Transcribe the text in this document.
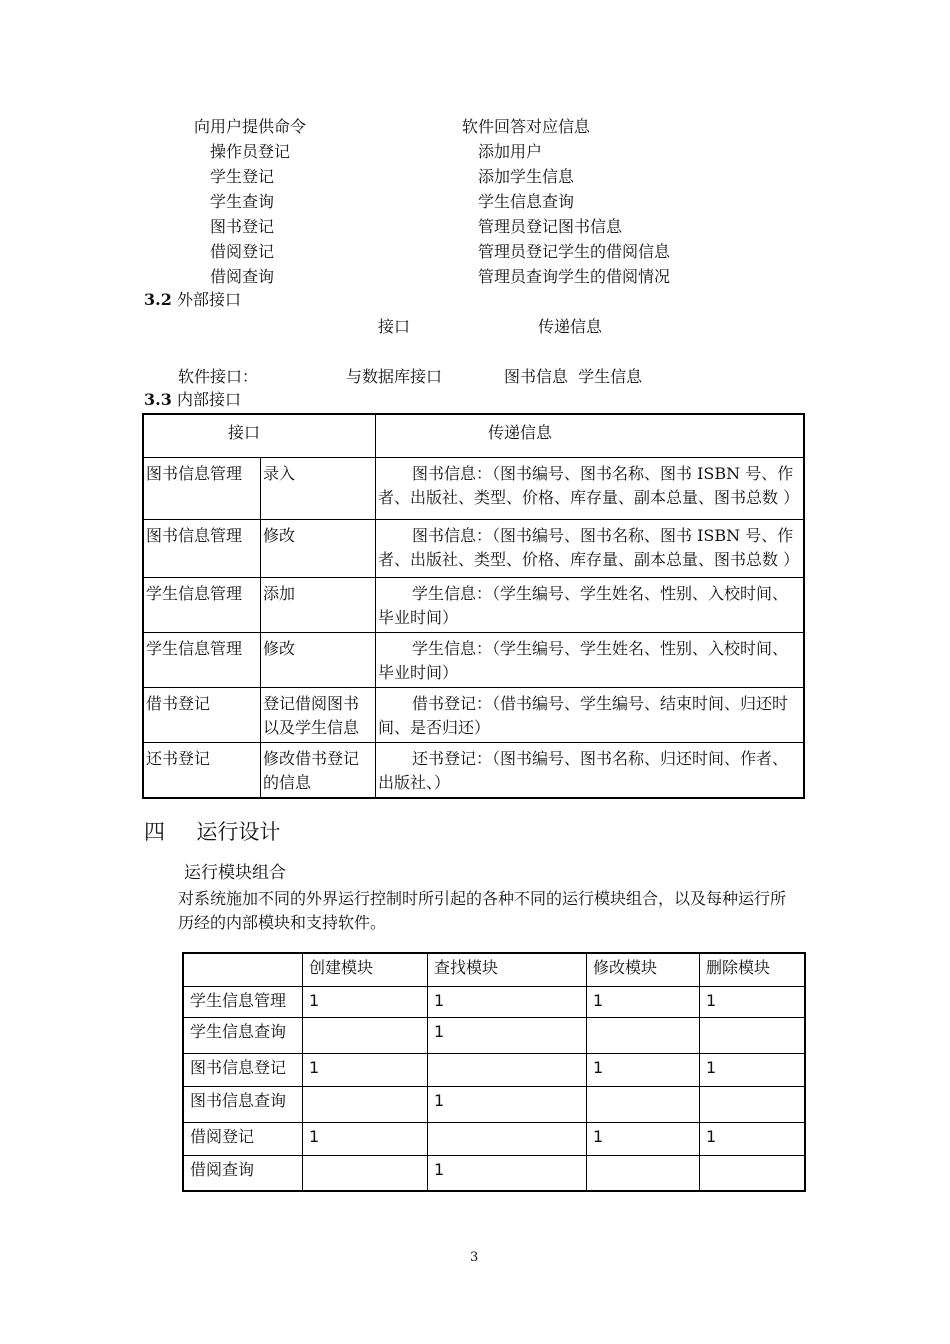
向用户提供命令	软件回答对应信息
操作员登记	添加用户
学生登记	添加学生信息
学生查询	学生信息查询
图书登记	管理员登记图书信息
借阅登记	管理员登记学生的借阅信息
借阅查询	管理员查询学生的借阅情况
3.2 外部接口
接口	传递信息
软件接口：	与数据库接口	图书信息  学生信息
3.3 内部接口
接口		传递信息
图书信息管理	录入	图书信息：（图书编号、图书名称、图书 ISBN 号、作者、出版社、类型、价格、库存量、副本总量、图书总数 ）
图书信息管理	修改	图书信息：（图书编号、图书名称、图书 ISBN 号、作者、出版社、类型、价格、库存量、副本总量、图书总数 ）
学生信息管理	添加	学生信息：（学生编号、学生姓名、性别、入校时间、毕业时间）
学生信息管理	修改	学生信息：（学生编号、学生姓名、性别、入校时间、毕业时间）
借书登记	登记借阅图书以及学生信息	借书登记：（借书编号、学生编号、结束时间、归还时间、是否归还）
还书登记	修改借书登记的信息	还书登记：（图书编号、图书名称、归还时间、作者、出版社、）
四 运行设计
运行模块组合
对系统施加不同的外界运行控制时所引起的各种不同的运行模块组合，以及每种运行所
历经的内部模块和支持软件。
	创建模块	查找模块	修改模块	删除模块
学生信息管理	1	1	1	1
学生信息查询		1		
图书信息登记	1		1	1
图书信息查询		1		
借阅登记	1		1	1
借阅查询		1		
3
